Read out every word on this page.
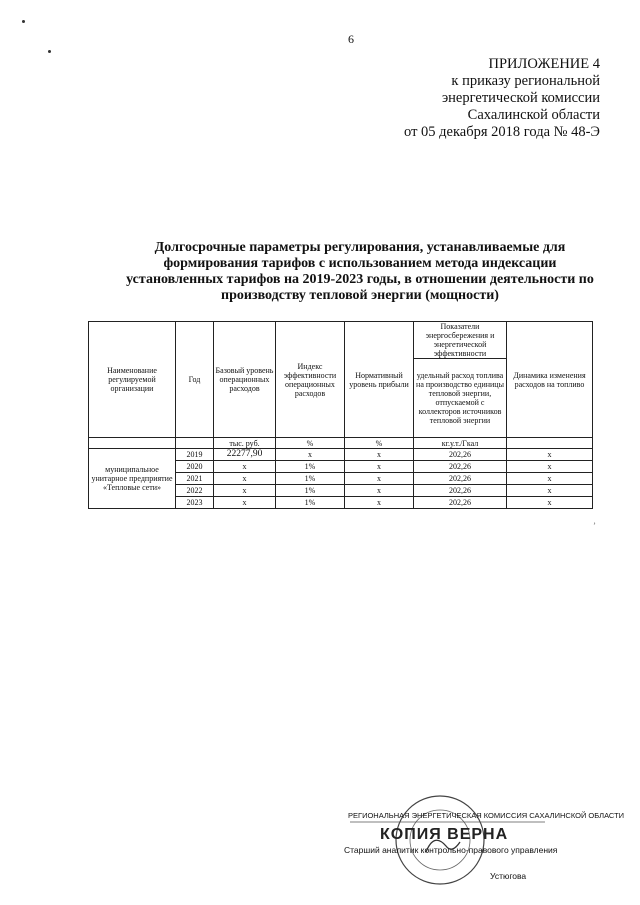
6
ПРИЛОЖЕНИЕ 4
к приказу региональной
энергетической комиссии
Сахалинской области
от 05 декабря 2018 года № 48-Э
Долгосрочные параметры регулирования, устанавливаемые для формирования тарифов с использованием метода индексации установленных тарифов на 2019-2023 годы, в отношении деятельности по производству тепловой энергии (мощности)
Наименование регулируемой организации	Год	Базовый уровень операционных расходов	Индекс эффективности операционных расходов	Нормативный уровень прибыли	Показатели энергосбережения и энергетической эффективности	Динамика изменения расходов на топливо
					удельный расход топлива на производство единицы тепловой энергии, отпускаемой с коллекторов источников тепловой энергии	
		тыс. руб.	%	%	кг.у.т./Гкал	
муниципальное унитарное предприятие «Тепловые сети»	2019	22277,90	х	х	202,26	х
	2020	х	1%	х	202,26	х
	2021	х	1%	х	202,26	х
	2022	х	1%	х	202,26	х
	2023	х	1%	х	202,26	х
ʼ
РЕГИОНАЛЬНАЯ ЭНЕРГЕТИЧЕСКАЯ КОМИССИЯ САХАЛИНСКОЙ ОБЛАСТИ
КОПИЯ ВЕРНА
Старший аналитик контрольно-правового управления
Устюгова
